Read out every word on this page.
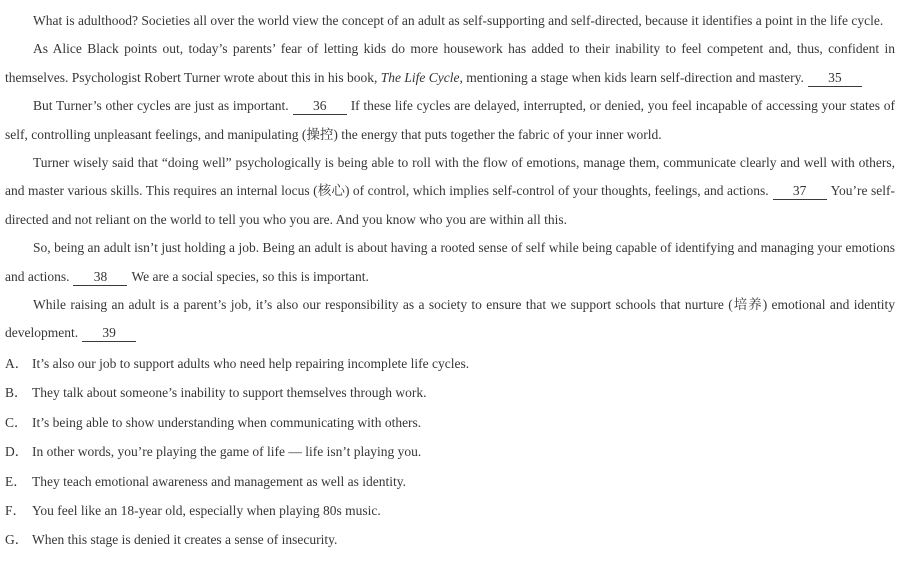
What is adulthood? Societies all over the world view the concept of an adult as self-supporting and self-directed, because it identifies a point in the life cycle.

As Alice Black points out, today’s parents’ fear of letting kids do more housework has added to their inability to feel competent and, thus, confident in themselves. Psychologist Robert Turner wrote about this in his book, The Life Cycle, mentioning a stage when kids learn self-direction and mastery. 35

But Turner’s other cycles are just as important. 36 If these life cycles are delayed, interrupted, or denied, you feel incapable of accessing your states of self, controlling unpleasant feelings, and manipulating (操控) the energy that puts together the fabric of your inner world.

Turner wisely said that “doing well” psychologically is being able to roll with the flow of emotions, manage them, communicate clearly and well with others, and master various skills. This requires an internal locus (核心) of control, which implies self-control of your thoughts, feelings, and actions. 37 You’re self-directed and not reliant on the world to tell you who you are. And you know who you are within all this.

So, being an adult isn’t just holding a job. Being an adult is about having a rooted sense of self while being capable of identifying and managing your emotions and actions. 38 We are a social species, so this is important.

While raising an adult is a parent’s job, it’s also our responsibility as a society to ensure that we support schools that nurture (培养) emotional and identity development. 39

A． It’s also our job to support adults who need help repairing incomplete life cycles.
B． They talk about someone’s inability to support themselves through work.
C． It’s being able to show understanding when communicating with others.
D． In other words, you’re playing the game of life — life isn’t playing you.
E． They teach emotional awareness and management as well as identity.
F． You feel like an 18-year old, especially when playing 80s music.
G． When this stage is denied it creates a sense of insecurity.
